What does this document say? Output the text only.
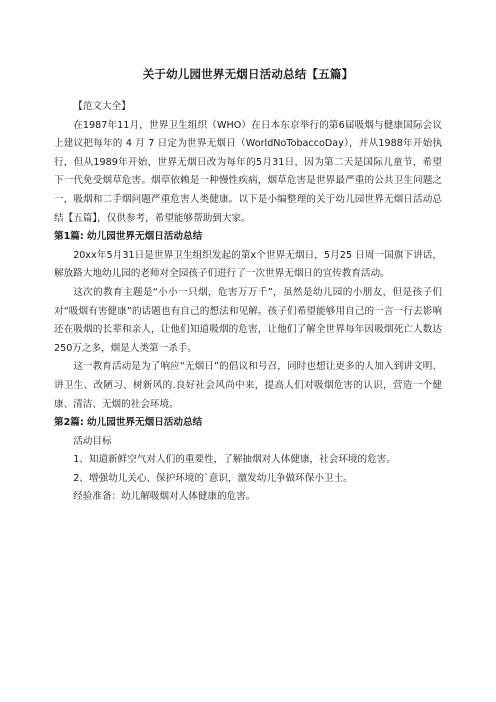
关于幼儿园世界无烟日活动总结【五篇】

【范文大全】

在1987年11月，世界卫生组织（WHO）在日本东京举行的第6届吸烟与健康国际会议上建议把每年的 4 月 7 日定为世界无烟日（WorldNoTobaccoDay），并从1988年开始执行，但从1989年开始，世界无烟日改为每年的5月31日，因为第二天是国际儿童节，希望下一代免受烟草危害。烟草依赖是一种慢性疾病，烟草危害是世界最严重的公共卫生问题之一，吸烟和二手烟问题严重危害人类健康。以下是小编整理的关于幼儿园世界无烟日活动总结【五篇】，仅供参考，希望能够帮助到大家。

第1篇: 幼儿园世界无烟日活动总结

20xx年5月31日是世界卫生组织发起的第x个世界无烟日，5月25 日周一国旗下讲话，解放路大地幼儿园的老师对全园孩子们进行了一次世界无烟日的宣传教育活动。

这次的教育主题是“小小一只烟，危害万万千”，虽然是幼儿园的小朋友，但是孩子们对“吸烟有害健康”的话题也有自己的想法和见解。孩子们希望能够用自己的一言一行去影响还在吸烟的长辈和亲人，让他们知道吸烟的危害，让他们了解全世界每年因吸烟死亡人数达250万之多，烟是人类第一杀手。

这一教育活动是为了响应“无烟日”的倡议和号召，同时也想让更多的人加入到讲文明、讲卫生、改陋习、树新风的.良好社会风尚中来，提高人们对吸烟危害的认识，营造一个健康、清洁、无烟的社会环境。

第2篇: 幼儿园世界无烟日活动总结

活动目标

1、知道新鲜空气对人们的重要性，了解抽烟对人体健康，社会环境的危害。

2、增强幼儿关心、保护环境的`意识，激发幼儿争做环保小卫士。

经验准备：幼儿解吸烟对人体健康的危害。
